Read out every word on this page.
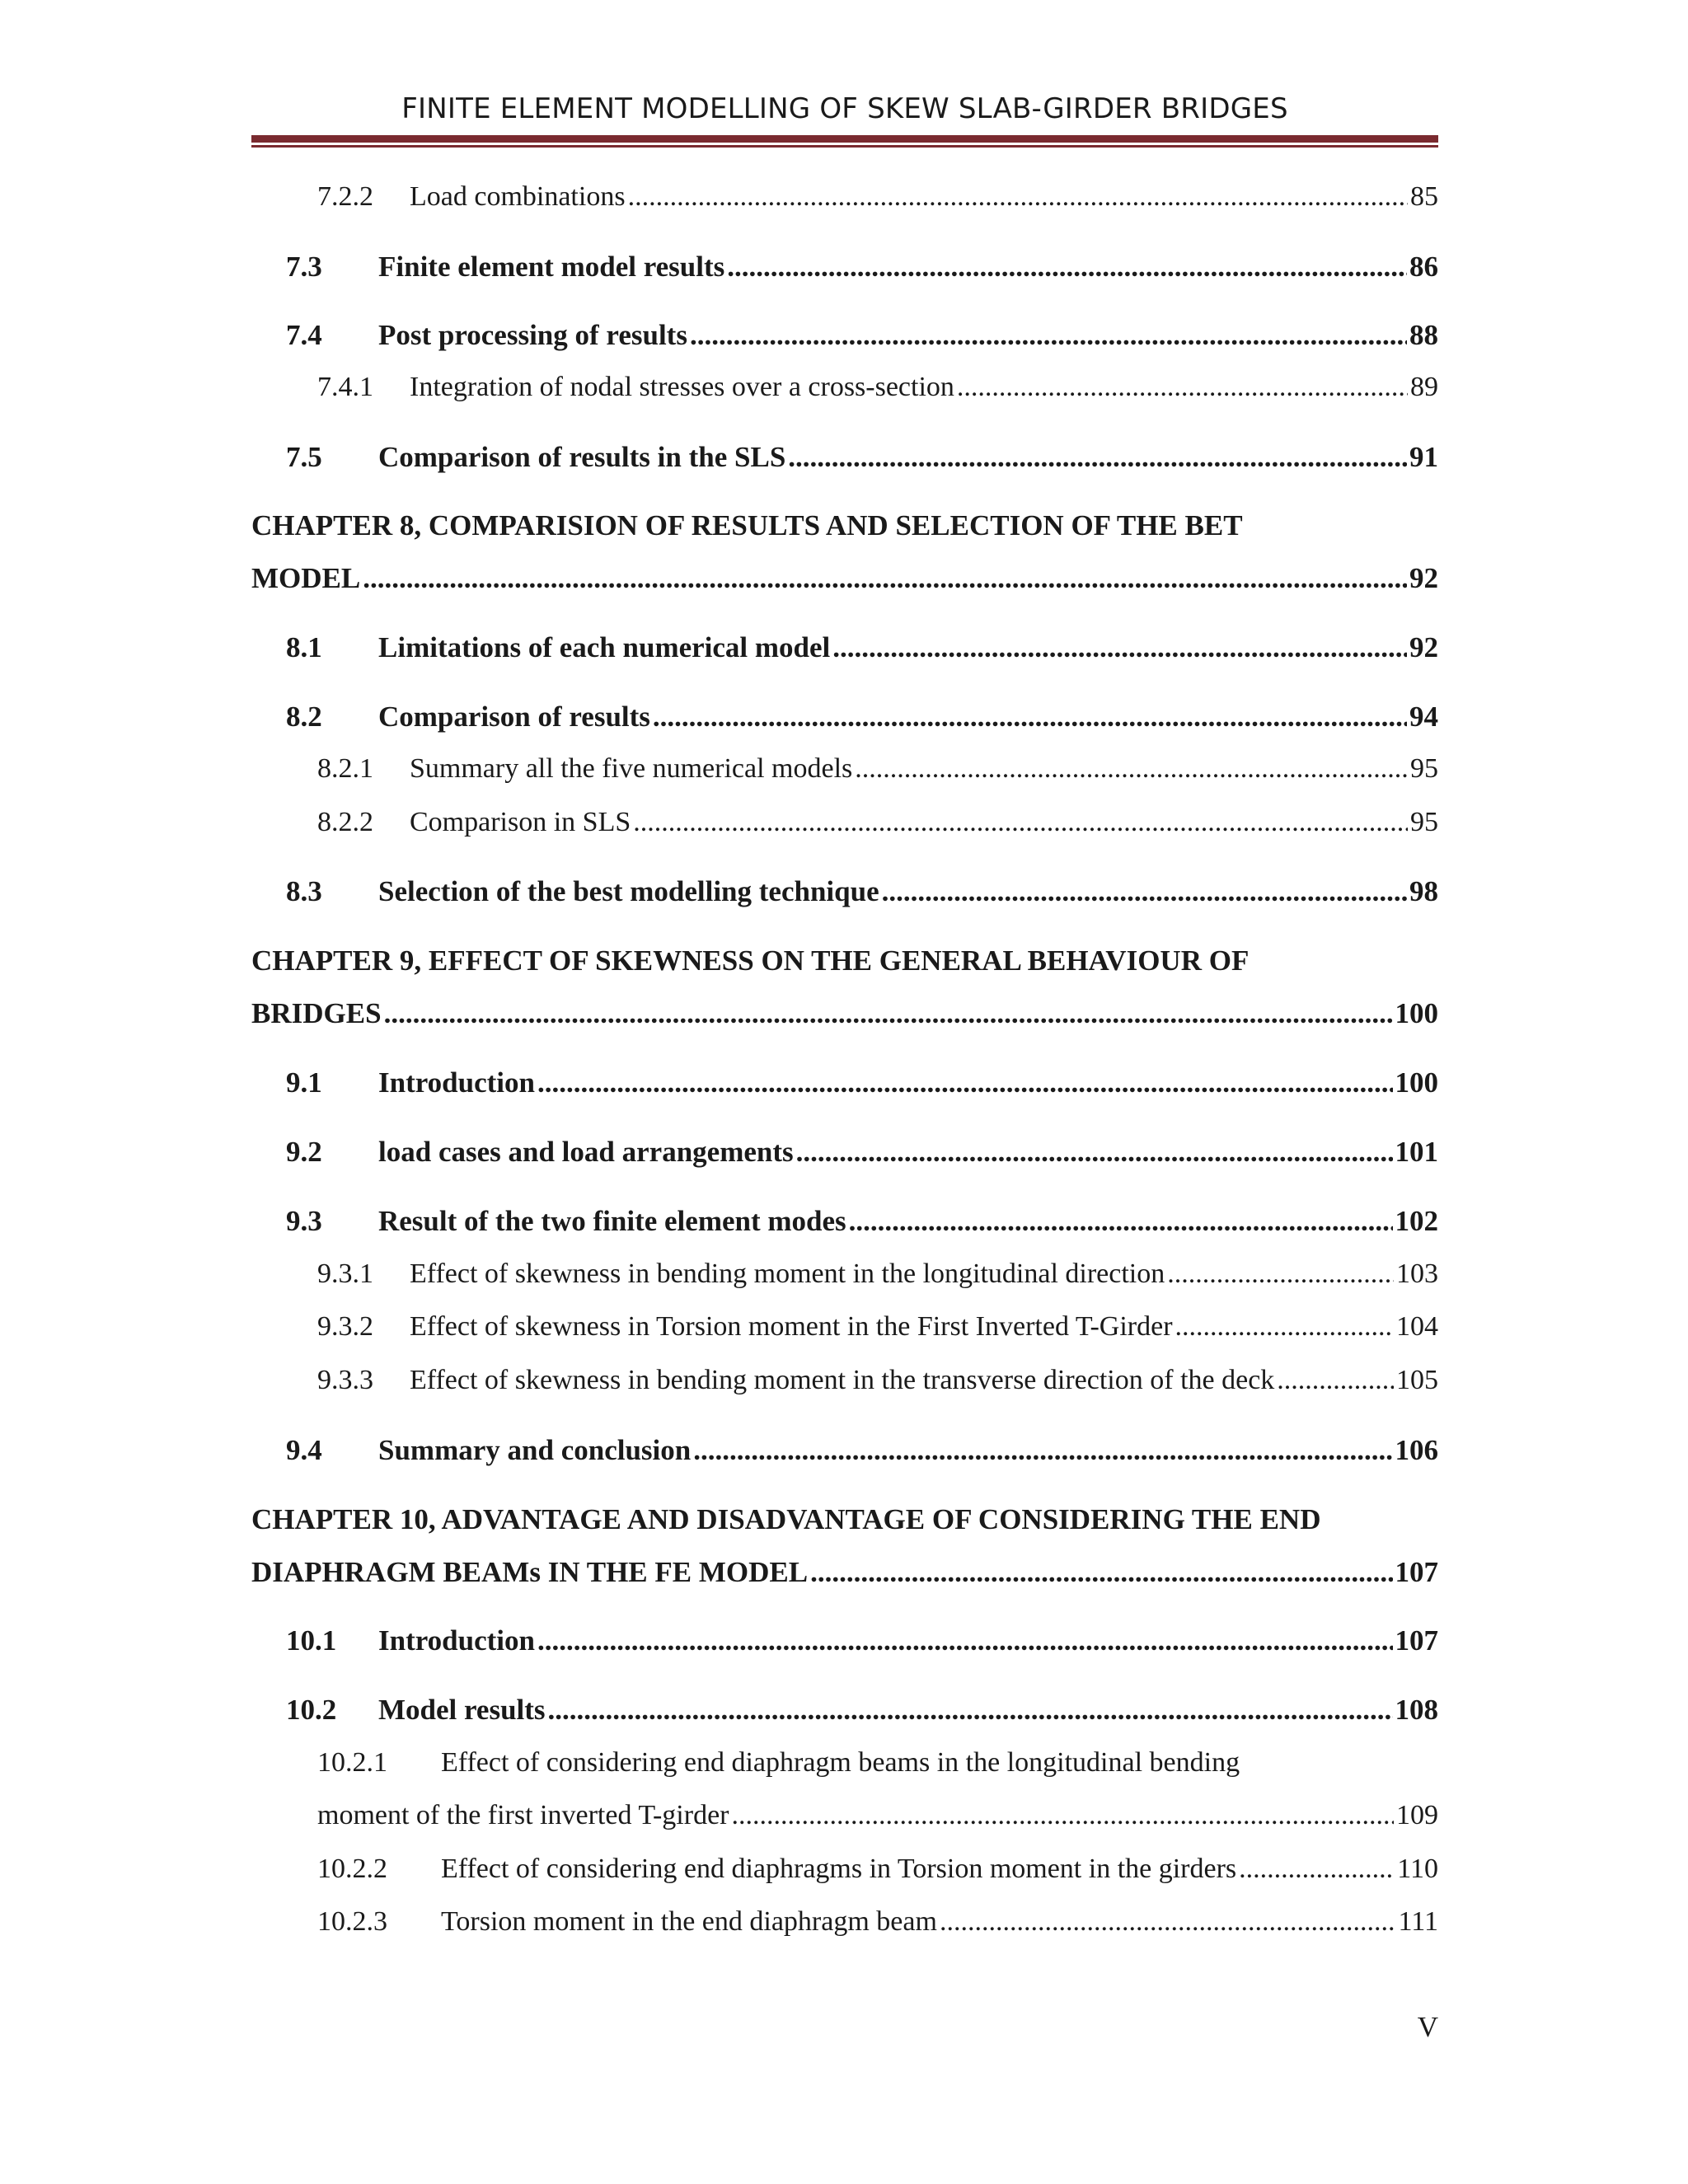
FINITE ELEMENT MODELLING OF SKEW SLAB-GIRDER BRIDGES
7.2.2	Load combinations .....	85
7.3	Finite element model results .....	86
7.4	Post processing of results .....	88
7.4.1	Integration of nodal stresses over a cross-section .....	89
7.5	Comparison of results in the SLS .....	91
CHAPTER 8, COMPARISION OF RESULTS AND SELECTION OF THE BET
MODEL .....	92
8.1	Limitations of each numerical model .....	92
8.2	Comparison of results .....	94
8.2.1	Summary all the five numerical models .....	95
8.2.2	Comparison in SLS .....	95
8.3	Selection of the best modelling technique .....	98
CHAPTER 9, EFFECT OF SKEWNESS ON THE GENERAL BEHAVIOUR OF
BRIDGES .....	100
9.1	Introduction .....	100
9.2	load cases and load arrangements .....	101
9.3	Result of the two finite element modes .....	102
9.3.1	Effect of skewness in bending moment in the longitudinal direction .....	103
9.3.2	Effect of skewness in Torsion moment in the First Inverted T-Girder .....	104
9.3.3	Effect of skewness in bending moment in the transverse direction of the deck .....	105
9.4	Summary and conclusion .....	106
CHAPTER 10, ADVANTAGE AND DISADVANTAGE OF CONSIDERING THE END
DIAPHRAGM BEAMs IN THE FE MODEL .....	107
10.1	Introduction .....	107
10.2	Model results .....	108
10.2.1	Effect of considering end diaphragm beams in the longitudinal bending
moment of the first inverted T-girder .....	109
10.2.2	Effect of considering end diaphragms in Torsion moment in the girders .....	110
10.2.3	Torsion moment in the end diaphragm beam .....	111
V
